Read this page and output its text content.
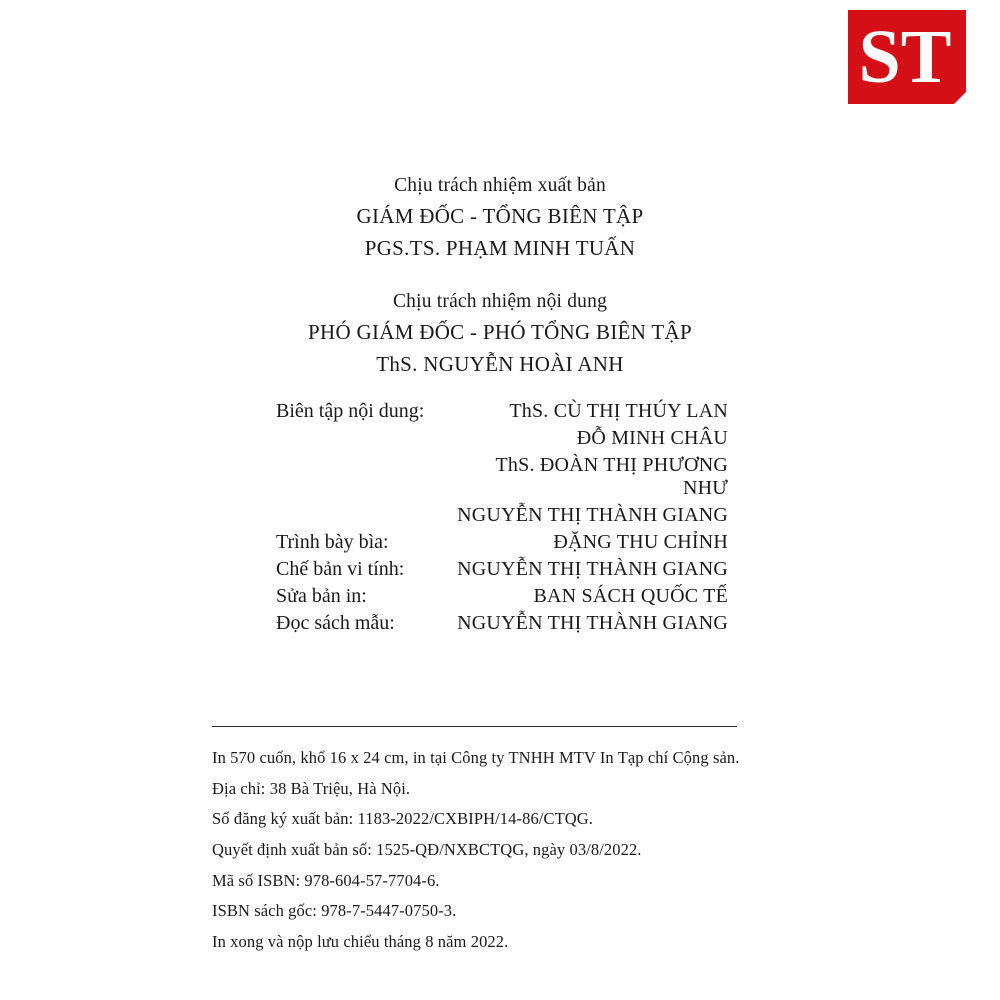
ST

Chịu trách nhiệm xuất bản

GIÁM ĐỐC - TỔNG BIÊN TẬP

PGS.TS. PHẠM MINH TUẤN

Chịu trách nhiệm nội dung

PHÓ GIÁM ĐỐC - PHÓ TỔNG BIÊN TẬP

ThS. NGUYỄN HOÀI ANH

Biên tập nội dung:	ThS. CÙ THỊ THÚY LAN
ĐỖ MINH CHÂU
ThS. ĐOÀN THỊ PHƯƠNG NHƯ
NGUYỄN THỊ THÀNH GIANG
Trình bày bìa:	ĐẶNG THU CHỈNH
Chế bản vi tính:	NGUYỄN THỊ THÀNH GIANG
Sửa bản in:	BAN SÁCH QUỐC TẾ
Đọc sách mẫu:	NGUYỄN THỊ THÀNH GIANG

In 570 cuốn, khổ 16 x 24 cm, in tại Công ty TNHH MTV In Tạp chí Cộng sản.

Địa chỉ: 38 Bà Triệu, Hà Nội.

Số đăng ký xuất bản: 1183-2022/CXBIPH/14-86/CTQG.

Quyết định xuất bản số: 1525-QĐ/NXBCTQG, ngày 03/8/2022.

Mã số ISBN: 978-604-57-7704-6.

ISBN sách gốc: 978-7-5447-0750-3.

In xong và nộp lưu chiểu tháng 8 năm 2022.
